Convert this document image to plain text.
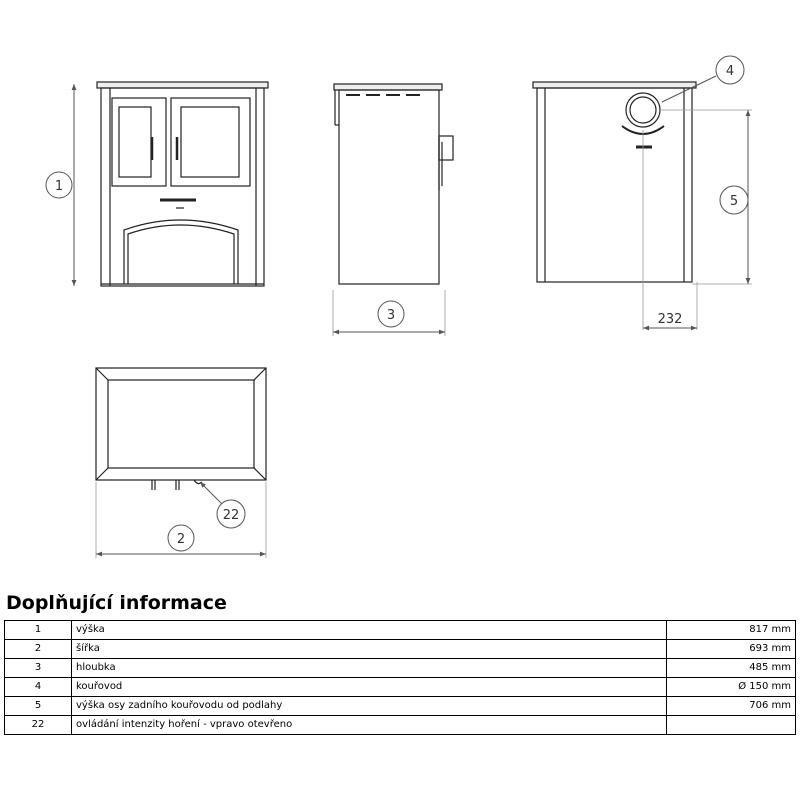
1
3
4
5
232
22
2
Doplňující informace
1	výška	817 mm
2	šířka	693 mm
3	hloubka	485 mm
4	kouřovod	Ø 150 mm
5	výška osy zadního kouřovodu od podlahy	706 mm
22	ovládání intenzity hoření - vpravo otevřeno	
